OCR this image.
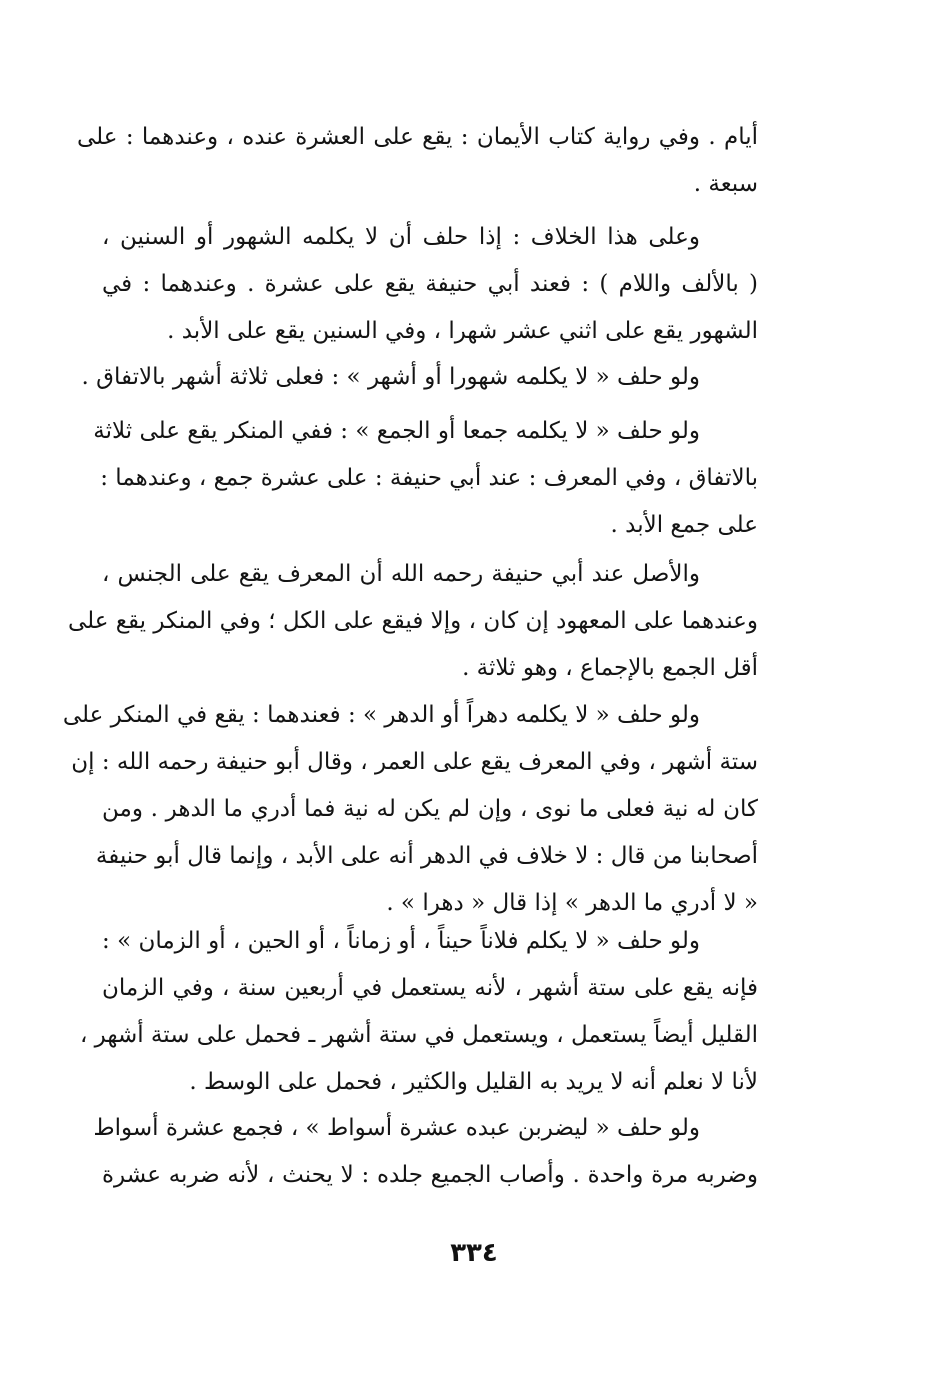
أيام . وفي رواية كتاب الأيمان : يقع على العشرة عنده ، وعندهما : على
سبعة .
وعلى هذا الخلاف : إذا حلف أن لا يكلمه الشهور أو السنين ،
( بالألف واللام ) : فعند أبي حنيفة يقع على عشرة . وعندهما : في
الشهور يقع على اثني عشر شهرا ، وفي السنين يقع على الأبد .
ولو حلف « لا يكلمه شهورا أو أشهر » : فعلى ثلاثة أشهر بالاتفاق .
ولو حلف « لا يكلمه جمعا أو الجمع » : ففي المنكر يقع على ثلاثة
بالاتفاق ، وفي المعرف : عند أبي حنيفة : على عشرة جمع ، وعندهما :
على جمع الأبد .
والأصل عند أبي حنيفة رحمه الله أن المعرف يقع على الجنس ،
وعندهما على المعهود إن كان ، وإلا فيقع على الكل ؛ وفي المنكر يقع على
أقل الجمع بالإجماع ، وهو ثلاثة .
ولو حلف « لا يكلمه دهراً أو الدهر » : فعندهما : يقع في المنكر على
ستة أشهر ، وفي المعرف يقع على العمر ، وقال أبو حنيفة رحمه الله : إن
كان له نية فعلى ما نوى ، وإن لم يكن له نية فما أدري ما الدهر . ومن
أصحابنا من قال : لا خلاف في الدهر أنه على الأبد ، وإنما قال أبو حنيفة
« لا أدري ما الدهر » إذا قال « دهرا » .
ولو حلف « لا يكلم فلاناً حيناً ، أو زماناً ، أو الحين ، أو الزمان » :
فإنه يقع على ستة أشهر ، لأنه يستعمل في أربعين سنة ، وفي الزمان
القليل أيضاً يستعمل ، ويستعمل في ستة أشهر ـ فحمل على ستة أشهر ،
لأنا لا نعلم أنه لا يريد به القليل والكثير ، فحمل على الوسط .
ولو حلف « ليضربن عبده عشرة أسواط » ، فجمع عشرة أسواط
وضربه مرة واحدة . وأصاب الجميع جلده : لا يحنث ، لأنه ضربه عشرة
٣٣٤
